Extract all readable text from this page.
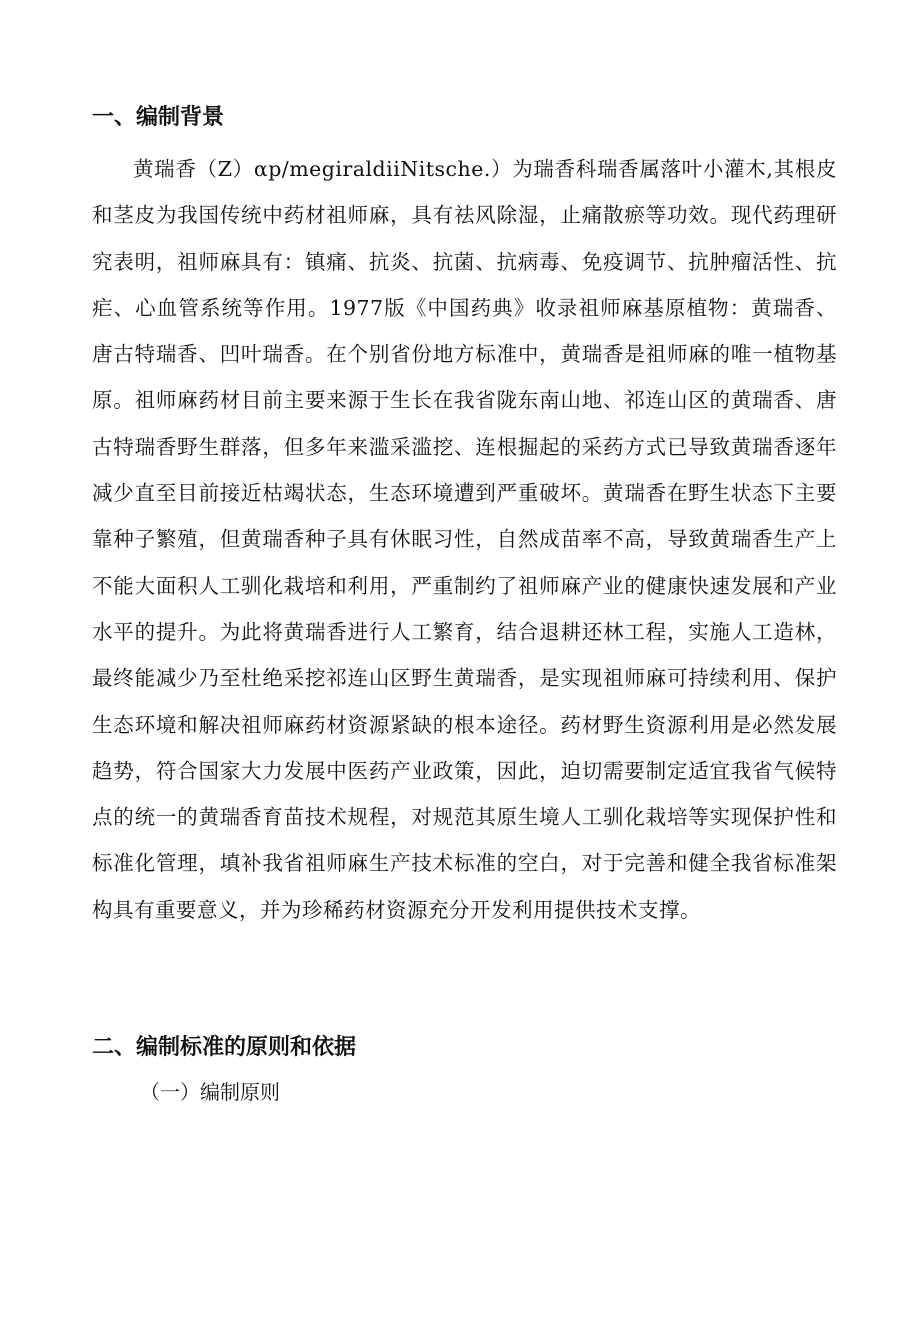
一、编制背景

黄瑞香（Z）αp∕megiraldiiNitsche.）为瑞香科瑞香属落叶小灌木,其根皮和茎皮为我国传统中药材祖师麻，具有祛风除湿，止痛散瘀等功效。现代药理研究表明，祖师麻具有：镇痛、抗炎、抗菌、抗病毒、免疫调节、抗肿瘤活性、抗疟、心血管系统等作用。1977版《中国药典》收录祖师麻基原植物：黄瑞香、唐古特瑞香、凹叶瑞香。在个别省份地方标准中，黄瑞香是祖师麻的唯一植物基原。祖师麻药材目前主要来源于生长在我省陇东南山地、祁连山区的黄瑞香、唐古特瑞香野生群落，但多年来滥采滥挖、连根掘起的采药方式已导致黄瑞香逐年减少直至目前接近枯竭状态，生态环境遭到严重破坏。黄瑞香在野生状态下主要靠种子繁殖，但黄瑞香种子具有休眠习性，自然成苗率不高，导致黄瑞香生产上不能大面积人工驯化栽培和利用，严重制约了祖师麻产业的健康快速发展和产业水平的提升。为此将黄瑞香进行人工繁育，结合退耕还林工程，实施人工造林，最终能减少乃至杜绝采挖祁连山区野生黄瑞香，是实现祖师麻可持续利用、保护生态环境和解决祖师麻药材资源紧缺的根本途径。药材野生资源利用是必然发展趋势，符合国家大力发展中医药产业政策，因此，迫切需要制定适宜我省气候特点的统一的黄瑞香育苗技术规程，对规范其原生境人工驯化栽培等实现保护性和标准化管理，填补我省祖师麻生产技术标准的空白，对于完善和健全我省标准架构具有重要意义，并为珍稀药材资源充分开发利用提供技术支撑。

二、编制标准的原则和依据
（一）编制原则
